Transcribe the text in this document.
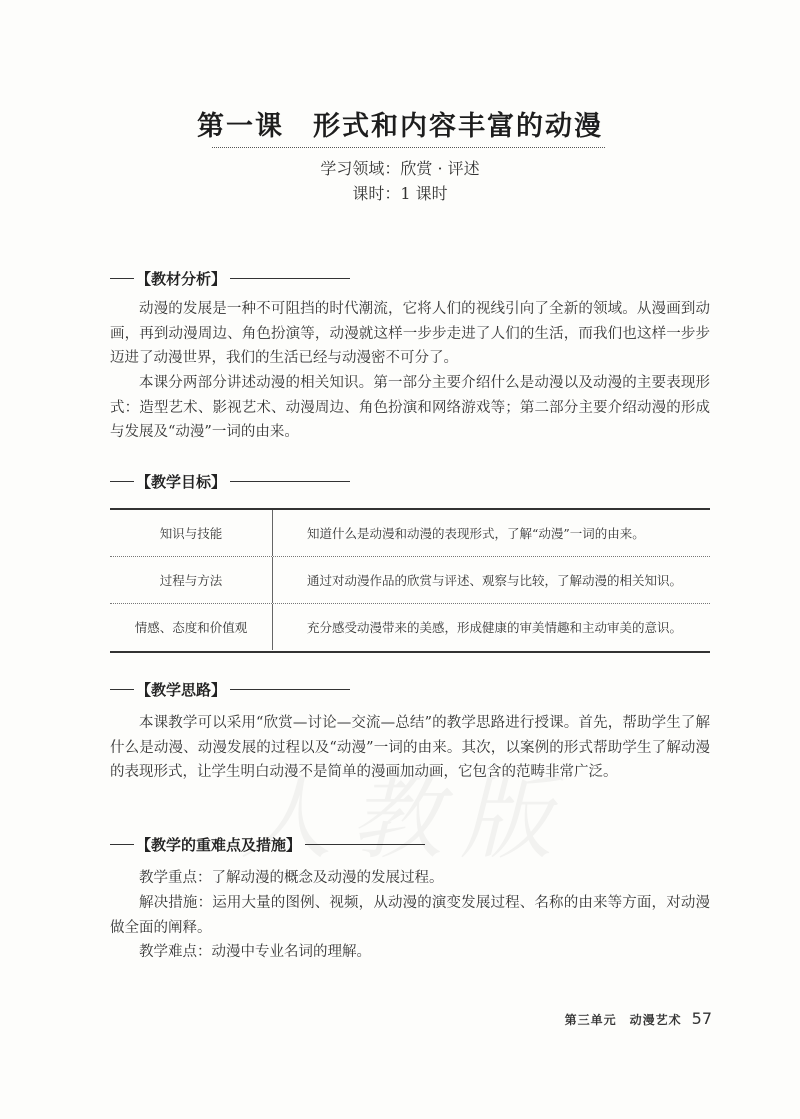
第一课　形式和内容丰富的动漫
学习领域：欣赏 · 评述
课时：1 课时
【教材分析】

动漫的发展是一种不可阻挡的时代潮流，它将人们的视线引向了全新的领域。从漫画到动画，再到动漫周边、角色扮演等，动漫就这样一步步走进了人们的生活，而我们也这样一步步迈进了动漫世界，我们的生活已经与动漫密不可分了。

本课分两部分讲述动漫的相关知识。第一部分主要介绍什么是动漫以及动漫的主要表现形式：造型艺术、影视艺术、动漫周边、角色扮演和网络游戏等；第二部分主要介绍动漫的形成与发展及“动漫”一词的由来。

【教学目标】
知识与技能	知道什么是动漫和动漫的表现形式，了解“动漫”一词的由来。
过程与方法	通过对动漫作品的欣赏与评述、观察与比较，了解动漫的相关知识。
情感、态度和价值观	充分感受动漫带来的美感，形成健康的审美情趣和主动审美的意识。
【教学思路】

本课教学可以采用“欣赏—讨论—交流—总结”的教学思路进行授课。首先，帮助学生了解什么是动漫、动漫发展的过程以及“动漫”一词的由来。其次，以案例的形式帮助学生了解动漫的表现形式，让学生明白动漫不是简单的漫画加动画，它包含的范畴非常广泛。

【教学的重难点及措施】

教学重点：了解动漫的概念及动漫的发展过程。

解决措施：运用大量的图例、视频，从动漫的演变发展过程、名称的由来等方面，对动漫做全面的阐释。

教学难点：动漫中专业名词的理解。

第三单元　动漫艺术 57
